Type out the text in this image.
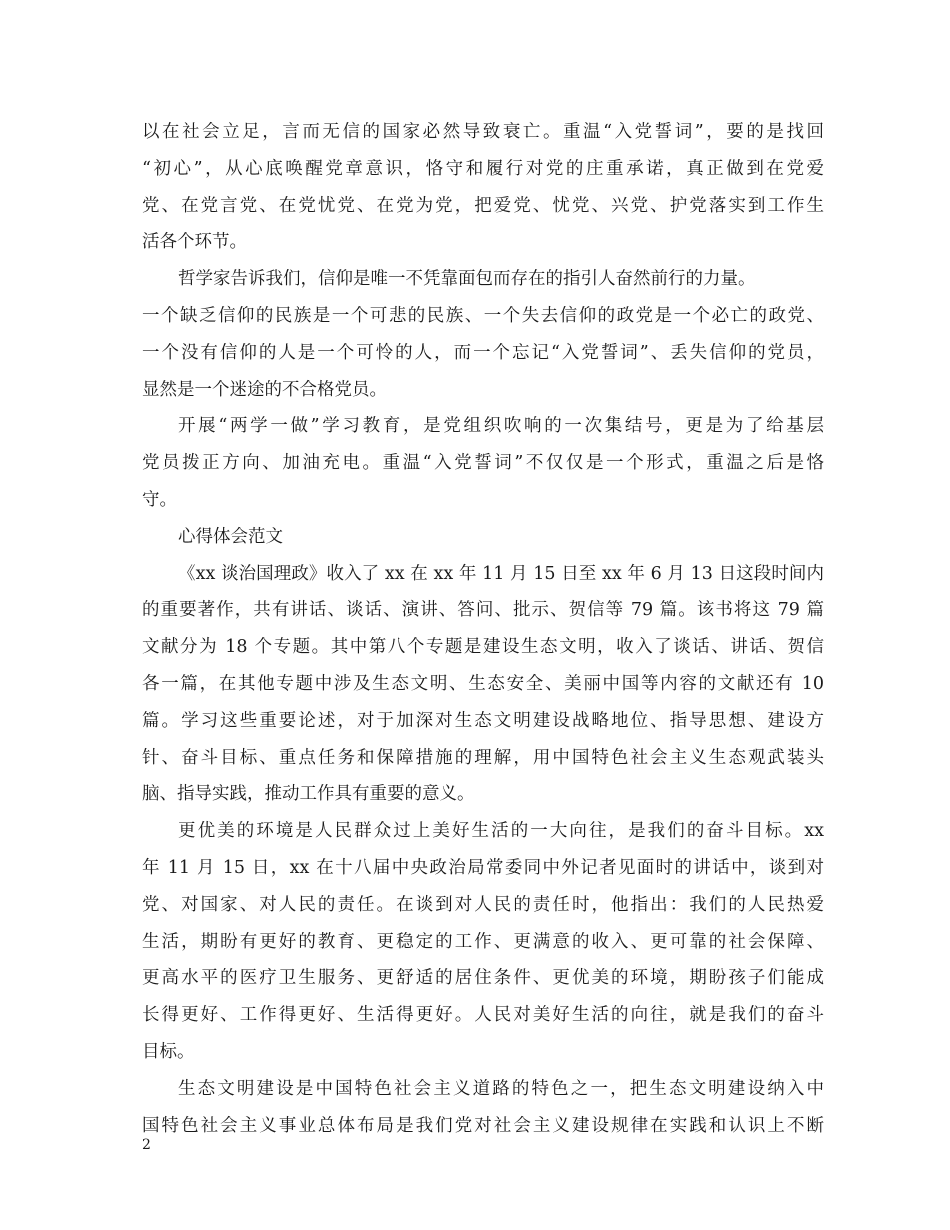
以在社会立足，言而无信的国家必然导致衰亡。重温“入党誓词”，要的是找回
“初心”，从心底唤醒党章意识，恪守和履行对党的庄重承诺，真正做到在党爱
党、在党言党、在党忧党、在党为党，把爱党、忧党、兴党、护党落实到工作生
活各个环节。
哲学家告诉我们，信仰是唯一不凭靠面包而存在的指引人奋然前行的力量。
一个缺乏信仰的民族是一个可悲的民族、一个失去信仰的政党是一个必亡的政党、
一个没有信仰的人是一个可怜的人，而一个忘记“入党誓词”、丢失信仰的党员，
显然是一个迷途的不合格党员。
开展“两学一做”学习教育，是党组织吹响的一次集结号，更是为了给基层
党员拨正方向、加油充电。重温“入党誓词”不仅仅是一个形式，重温之后是恪
守。
心得体会范文
《xx 谈治国理政》收入了 xx 在 xx 年 11 月 15 日至 xx 年 6 月 13 日这段时间内
的重要著作，共有讲话、谈话、演讲、答问、批示、贺信等 79 篇。该书将这 79 篇
文献分为 18 个专题。其中第八个专题是建设生态文明，收入了谈话、讲话、贺信
各一篇，在其他专题中涉及生态文明、生态安全、美丽中国等内容的文献还有 10
篇。学习这些重要论述，对于加深对生态文明建设战略地位、指导思想、建设方
针、奋斗目标、重点任务和保障措施的理解，用中国特色社会主义生态观武装头
脑、指导实践，推动工作具有重要的意义。
更优美的环境是人民群众过上美好生活的一大向往，是我们的奋斗目标。xx
年 11 月 15 日，xx 在十八届中央政治局常委同中外记者见面时的讲话中，谈到对
党、对国家、对人民的责任。在谈到对人民的责任时，他指出：我们的人民热爱
生活，期盼有更好的教育、更稳定的工作、更满意的收入、更可靠的社会保障、
更高水平的医疗卫生服务、更舒适的居住条件、更优美的环境，期盼孩子们能成
长得更好、工作得更好、生活得更好。人民对美好生活的向往，就是我们的奋斗
目标。
生态文明建设是中国特色社会主义道路的特色之一，把生态文明建设纳入中
国特色社会主义事业总体布局是我们党对社会主义建设规律在实践和认识上不断
2
